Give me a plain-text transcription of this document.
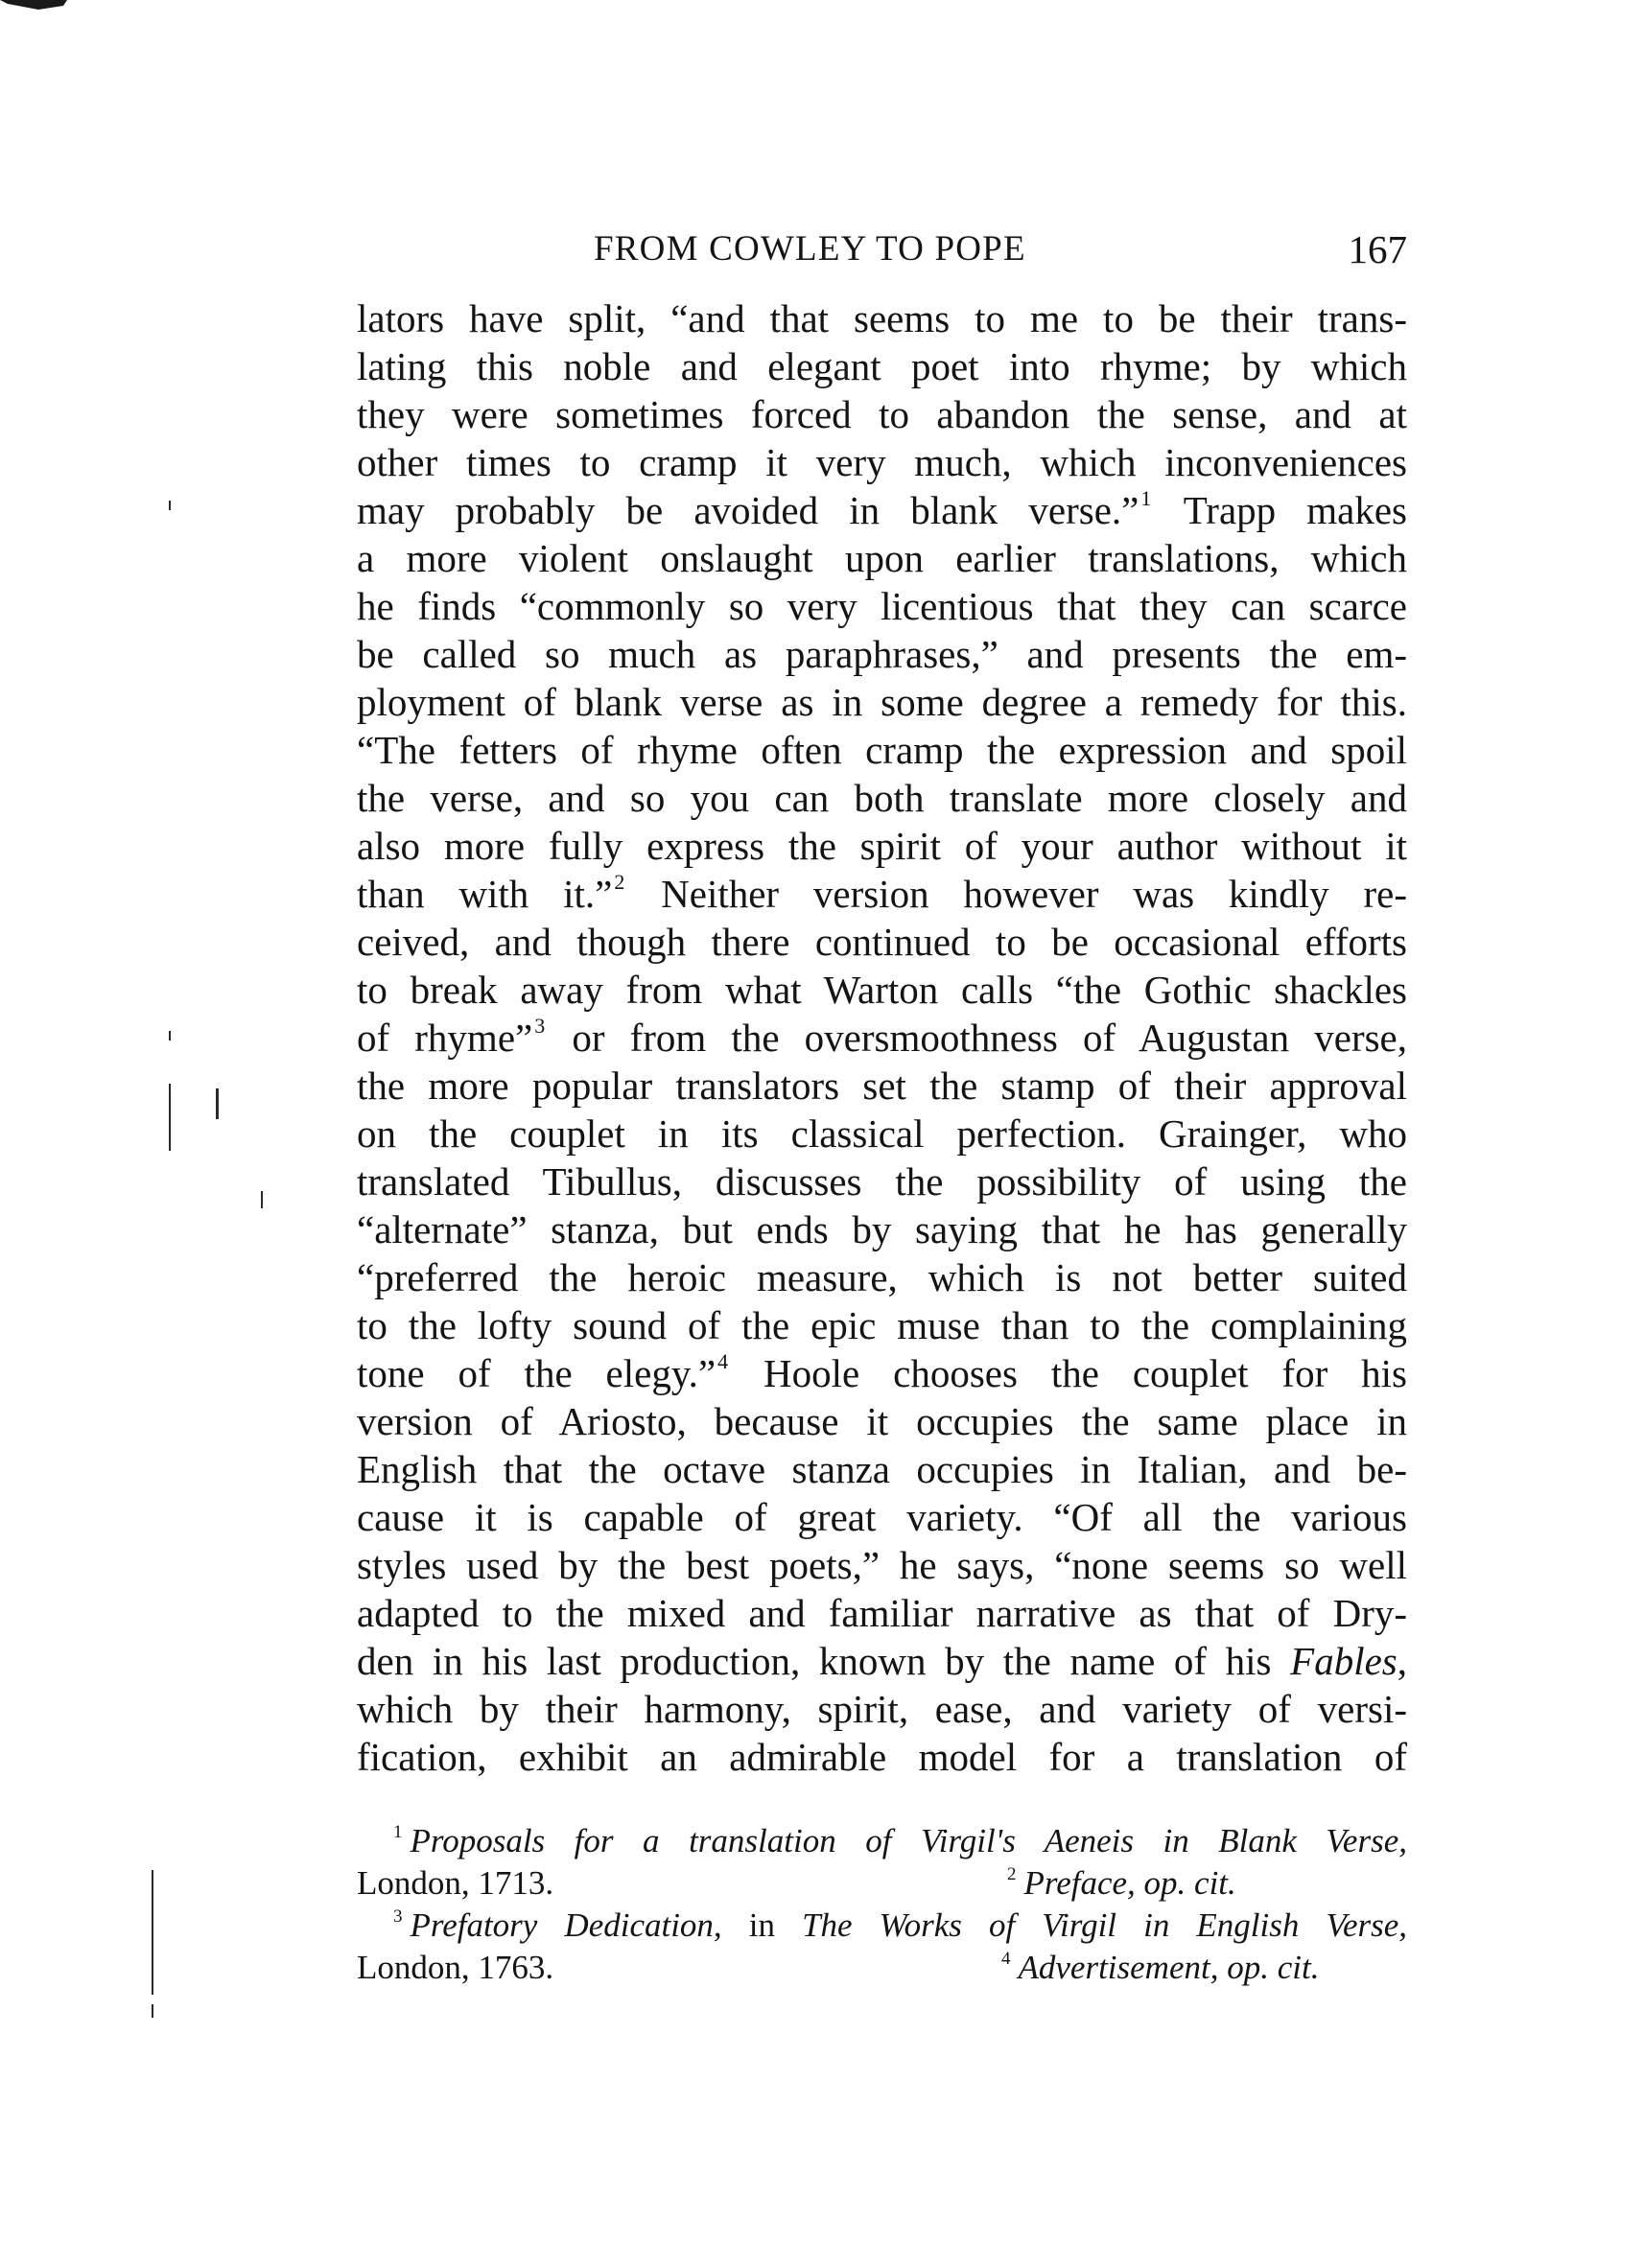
FROM COWLEY TO POPE	167
lators have split, “and that seems to me to be their trans-
lating this noble and elegant poet into rhyme; by which
they were sometimes forced to abandon the sense, and at
other times to cramp it very much, which inconveniences
may probably be avoided in blank verse.”$^1$ Trapp makes
a more violent onslaught upon earlier translations, which
he finds “commonly so very licentious that they can scarce
be called so much as paraphrases,” and presents the em-
ployment of blank verse as in some degree a remedy for this.
“The fetters of rhyme often cramp the expression and spoil
the verse, and so you can both translate more closely and
also more fully express the spirit of your author without it
than with it.”$^2$ Neither version however was kindly re-
ceived, and though there continued to be occasional efforts
to break away from what Warton calls “the Gothic shackles
of rhyme”$^3$ or from the oversmoothness of Augustan verse,
the more popular translators set the stamp of their approval
on the couplet in its classical perfection. Grainger, who
translated Tibullus, discusses the possibility of using the
“alternate” stanza, but ends by saying that he has generally
“preferred the heroic measure, which is not better suited
to the lofty sound of the epic muse than to the complaining
tone of the elegy.”$^4$ Hoole chooses the couplet for his
version of Ariosto, because it occupies the same place in
English that the octave stanza occupies in Italian, and be-
cause it is capable of great variety. “Of all the various
styles used by the best poets,” he says, “none seems so well
adapted to the mixed and familiar narrative as that of Dry-
den in his last production, known by the name of his Fables,
which by their harmony, spirit, ease, and variety of versi-
fication, exhibit an admirable model for a translation of
$^1$ Proposals for a translation of Virgil's Aeneis in Blank Verse,
London, 1713.	$^2$ Preface, op. cit.
$^3$ Prefatory Dedication, in The Works of Virgil in English Verse,
London, 1763.	$^4$ Advertisement, op. cit.
